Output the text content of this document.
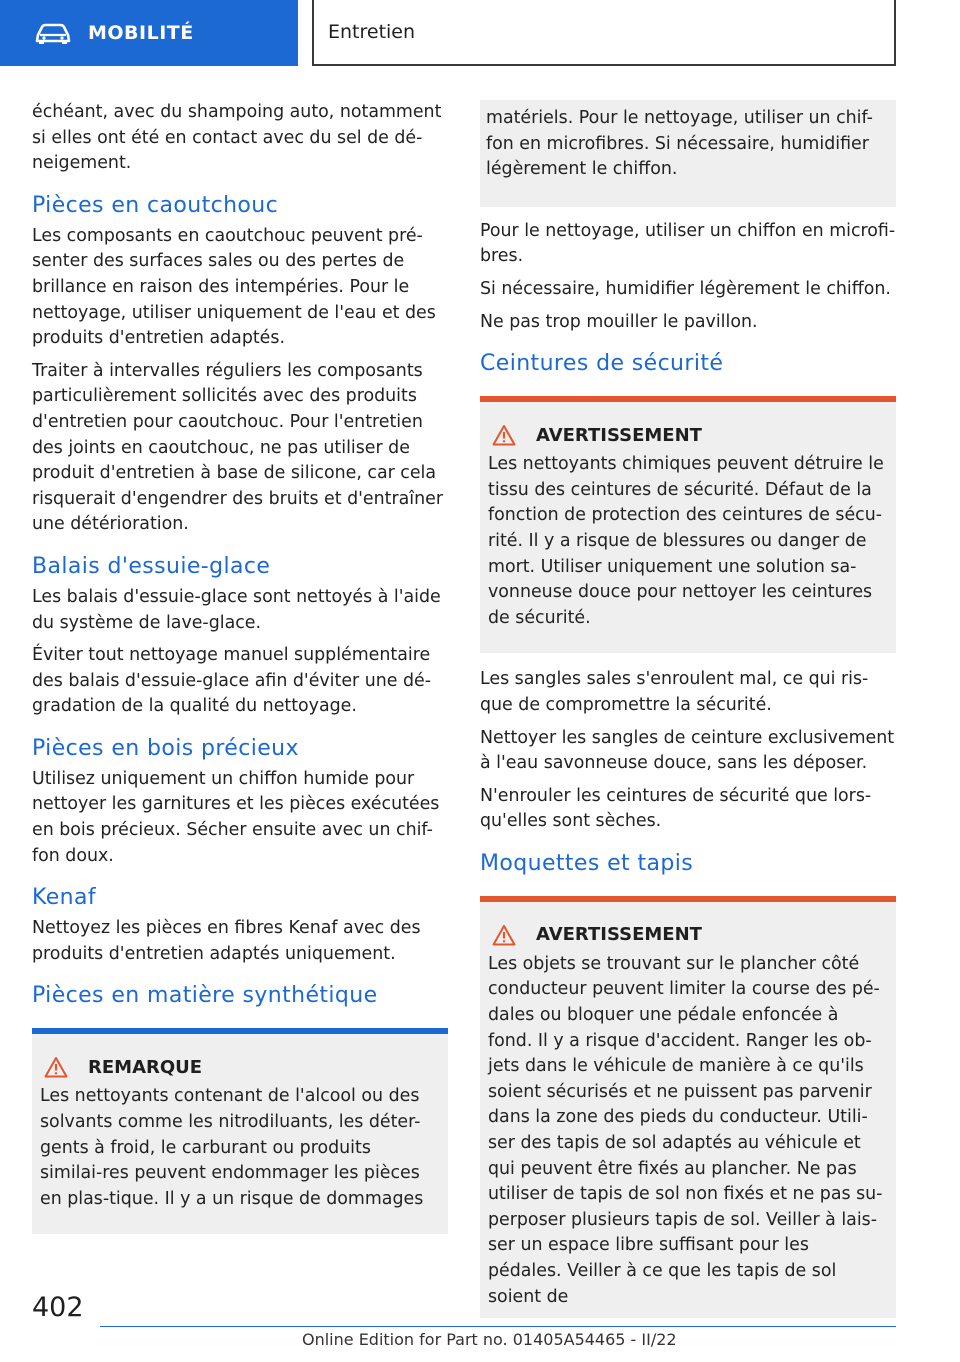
MOBILITÉ	Entretien

échéant, avec du shampoing auto, notamment si elles ont été en contact avec du sel de dé-neigement.

Pièces en caoutchouc

Les composants en caoutchouc peuvent pré-senter des surfaces sales ou des pertes de brillance en raison des intempéries. Pour le nettoyage, utiliser uniquement de l'eau et des produits d'entretien adaptés.

Traiter à intervalles réguliers les composants particulièrement sollicités avec des produits d'entretien pour caoutchouc. Pour l'entretien des joints en caoutchouc, ne pas utiliser de produit d'entretien à base de silicone, car cela risquerait d'engendrer des bruits et d'entraîner une détérioration.

Balais d'essuie-glace

Les balais d'essuie-glace sont nettoyés à l'aide du système de lave-glace.

Éviter tout nettoyage manuel supplémentaire des balais d'essuie-glace afin d'éviter une dé-gradation de la qualité du nettoyage.

Pièces en bois précieux

Utilisez uniquement un chiffon humide pour nettoyer les garnitures et les pièces exécutées en bois précieux. Sécher ensuite avec un chif-fon doux.

Kenaf

Nettoyez les pièces en fibres Kenaf avec des produits d'entretien adaptés uniquement.

Pièces en matière synthétique
REMARQUE

Les nettoyants contenant de l'alcool ou des solvants comme les nitrodiluants, les déter-gents à froid, le carburant ou produits similai-res peuvent endommager les pièces en plas-tique. Il y a un risque de dommages

matériels. Pour le nettoyage, utiliser un chif-fon en microfibres. Si nécessaire, humidifier légèrement le chiffon.

Pour le nettoyage, utiliser un chiffon en microfi-bres.

Si nécessaire, humidifier légèrement le chiffon.

Ne pas trop mouiller le pavillon.

Ceintures de sécurité
AVERTISSEMENT

Les nettoyants chimiques peuvent détruire le tissu des ceintures de sécurité. Défaut de la fonction de protection des ceintures de sécu-rité. Il y a risque de blessures ou danger de mort. Utiliser uniquement une solution sa-vonneuse douce pour nettoyer les ceintures de sécurité.

Les sangles sales s'enroulent mal, ce qui ris-que de compromettre la sécurité.

Nettoyer les sangles de ceinture exclusivement à l'eau savonneuse douce, sans les déposer.

N'enrouler les ceintures de sécurité que lors-qu'elles sont sèches.

Moquettes et tapis
AVERTISSEMENT

Les objets se trouvant sur le plancher côté conducteur peuvent limiter la course des pé-dales ou bloquer une pédale enfoncée à fond. Il y a risque d'accident. Ranger les ob-jets dans le véhicule de manière à ce qu'ils soient sécurisés et ne puissent pas parvenir dans la zone des pieds du conducteur. Utili-ser des tapis de sol adaptés au véhicule et qui peuvent être fixés au plancher. Ne pas utiliser de tapis de sol non fixés et ne pas su-perposer plusieurs tapis de sol. Veiller à lais-ser un espace libre suffisant pour les pédales. Veiller à ce que les tapis de sol soient de

402
Online Edition for Part no. 01405A54465 - II/22
